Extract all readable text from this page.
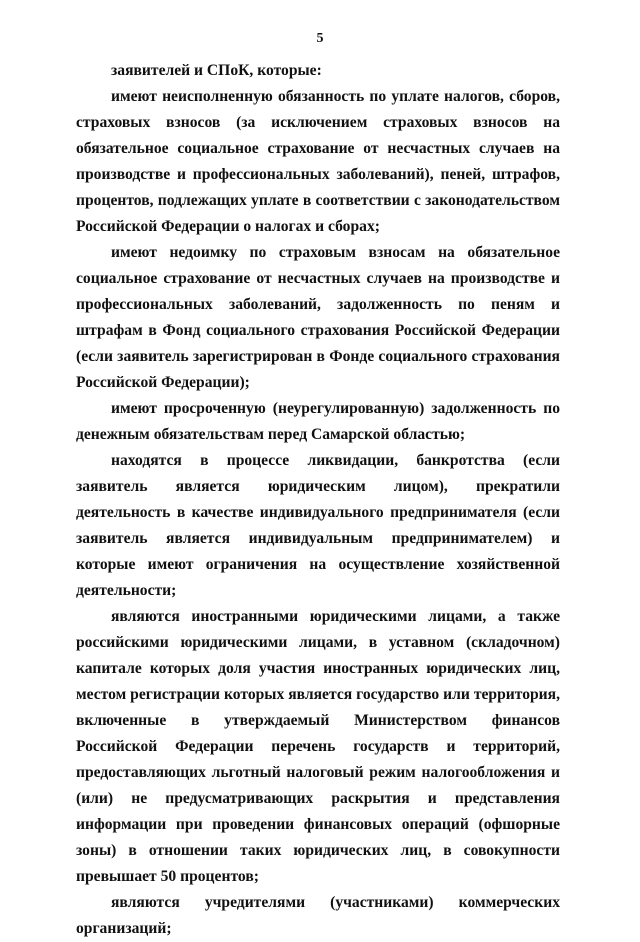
5

заявителей и СПоК, которые:

имеют неисполненную обязанность по уплате налогов, сборов, страховых взносов (за исключением страховых взносов на обязательное социальное страхование от несчастных случаев на производстве и профессиональных заболеваний), пеней, штрафов, процентов, подлежащих уплате в соответствии с законодательством Российской Федерации о налогах и сборах;

имеют недоимку по страховым взносам на обязательное социальное страхование от несчастных случаев на производстве и профессиональных заболеваний, задолженность по пеням и штрафам в Фонд социального страхования Российской Федерации (если заявитель зарегистрирован в Фонде социального страхования Российской Федерации);

имеют просроченную (неурегулированную) задолженность по денежным обязательствам перед Самарской областью;

находятся в процессе ликвидации, банкротства (если заявитель является юридическим лицом), прекратили деятельность в качестве индивидуального предпринимателя (если заявитель является индивидуальным предпринимателем) и которые имеют ограничения на осуществление хозяйственной деятельности;

являются иностранными юридическими лицами, а также российскими юридическими лицами, в уставном (складочном) капитале которых доля участия иностранных юридических лиц, местом регистрации которых является государство или территория, включенные в утверждаемый Министерством финансов Российской Федерации перечень государств и территорий, предоставляющих льготный налоговый режим налогообложения и (или) не предусматривающих раскрытия и представления информации при проведении финансовых операций (офшорные зоны) в отношении таких юридических лиц, в совокупности превышает 50 процентов;

являются учредителями (участниками) коммерческих организаций;
